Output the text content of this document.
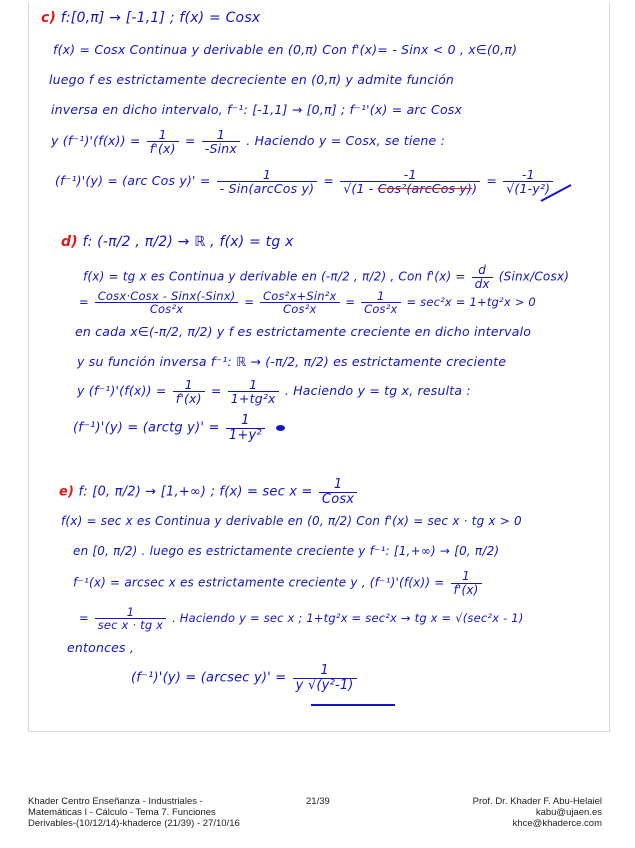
c) f:[0,π] → [-1,1] ; f(x) = Cosx
f(x) = Cosx Continua y derivable en (0,π) Con f'(x)= - Sinx < 0 , x∈(0,π)
luego f es estrictamente decreciente en (0,π) y admite función
inversa en dicho intervalo, f⁻¹: [-1,1] → [0,π] ; f⁻¹'(x) = arc Cosx
y $(f^{-1})'(f(x)) = \frac{1}{f'(x)} = \frac{1}{\text{-Sinx}}$ . Haciendo y = Cosx, se tiene :
(f⁻¹)'(y) = (arc Cos $y)' = \frac{1}{\text{- Sin(arcCos y)}} = \frac{-1}{\text{√(1 - Cos²(arcCos y))}} = \frac{-1}{\text{√(1-y²)}}$
d) f: (-π/2 , π/2) → ℝ , f(x) = tg x
f(x) = tg x es Continua y derivable en (-π/2 , π/2) , Con $f'(x) = \frac{d}{dx}$ (Sinx/Cosx)
= $\frac{\text{Cosx·Cosx - Sinx(-Sinx)}}{\text{Cos²x}} = \frac{\text{Cos²x+Sin²x}}{\text{Cos²x}} = \frac{1}{\text{Cos²x}} = \sec^2x = 1+tg^2x > 0$
en cada x∈(-π/2, π/2) y f es estrictamente creciente en dicho intervalo
y su función inversa f⁻¹: ℝ → (-π/2, π/2) es estrictamente creciente
y $(f^{-1})'(f(x)) = \frac{1}{f'(x)} = \frac{1}{\text{1+tg²x}}$ . Haciendo y = tg x, resulta :
(f⁻¹)'(y) = (arctg $y)' = \frac{1}{\text{1+y²}}$

e) f: [0, π/2) → [1,+∞) ; $f(x) = \sec x = \frac{1}{\text{Cosx}}$
f(x) = sec x es Continua y derivable en (0, π/2) Con f'(x) = sec x · tg x > 0
en [0, π/2) . luego es estrictamente creciente y f⁻¹: [1,+∞) → [0, π/2)
f⁻¹(x) = arcsec x es estrictamente creciente y , $(f^{-1})'(f(x)) = \frac{1}{f'(x)}$
= $\frac{1}{\text{sec x · tg x}}$ . Haciendo y = sec x ; 1+tg²x = sec²x → tg x = √(sec²x - 1)
entonces ,
(f⁻¹)'(y) = (arcsec $y)' = \frac{1}{\text{y √(y²-1)}}$
Khader Centro Enseñanza - Industriales -
Matemáticas I - Cálculo - Tema 7. Funciones
Derivables-(10/12/14)-khaderce (21/39) - 27/10/16
21/39	Prof. Dr. Khader F. Abu-Helaiel
kabu@ujaen.es
khce@khaderce.com
